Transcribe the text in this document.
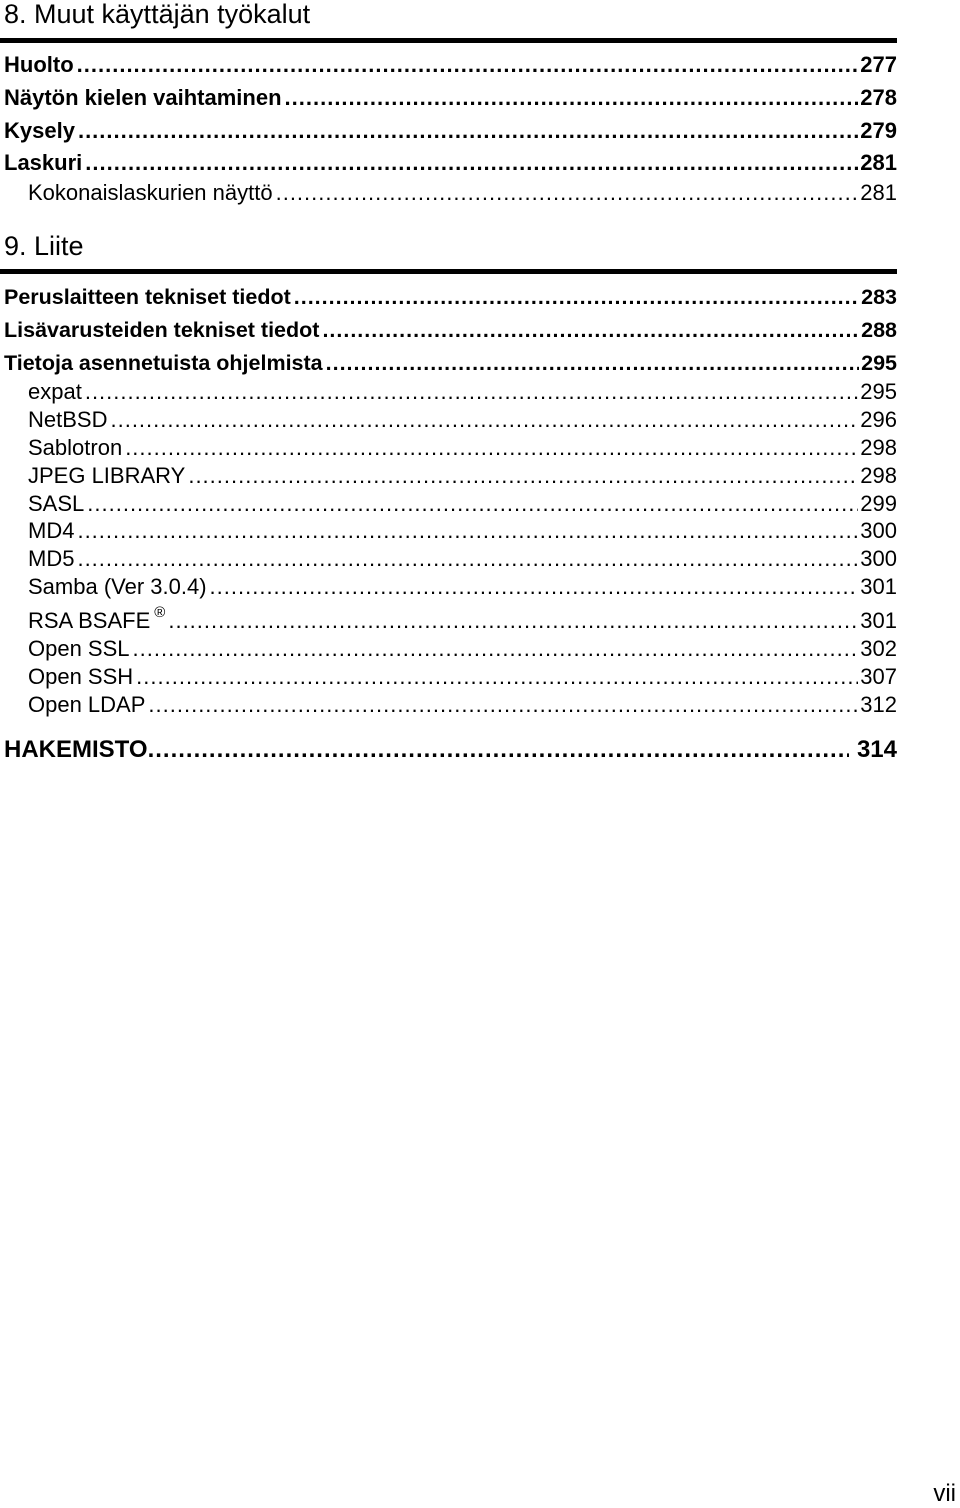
8. Muut käyttäjän työkalut
Huolto .....	277
Näytön kielen vaihtaminen .....	278
Kysely .....	279
Laskuri .....	281
Kokonaislaskurien näyttö .....	281
9. Liite
Peruslaitteen tekniset tiedot .....	283
Lisävarusteiden tekniset tiedot .....	288
Tietoja asennetuista ohjelmista .....	295
expat .....	295
NetBSD .....	296
Sablotron .....	298
JPEG LIBRARY .....	298
SASL .....	299
MD4 .....	300
MD5 .....	300
Samba (Ver 3.0.4) .....	301
RSA BSAFE ® .....	301
Open SSL .....	302
Open SSH .....	307
Open LDAP .....	312
HAKEMISTO .....	314
vii
